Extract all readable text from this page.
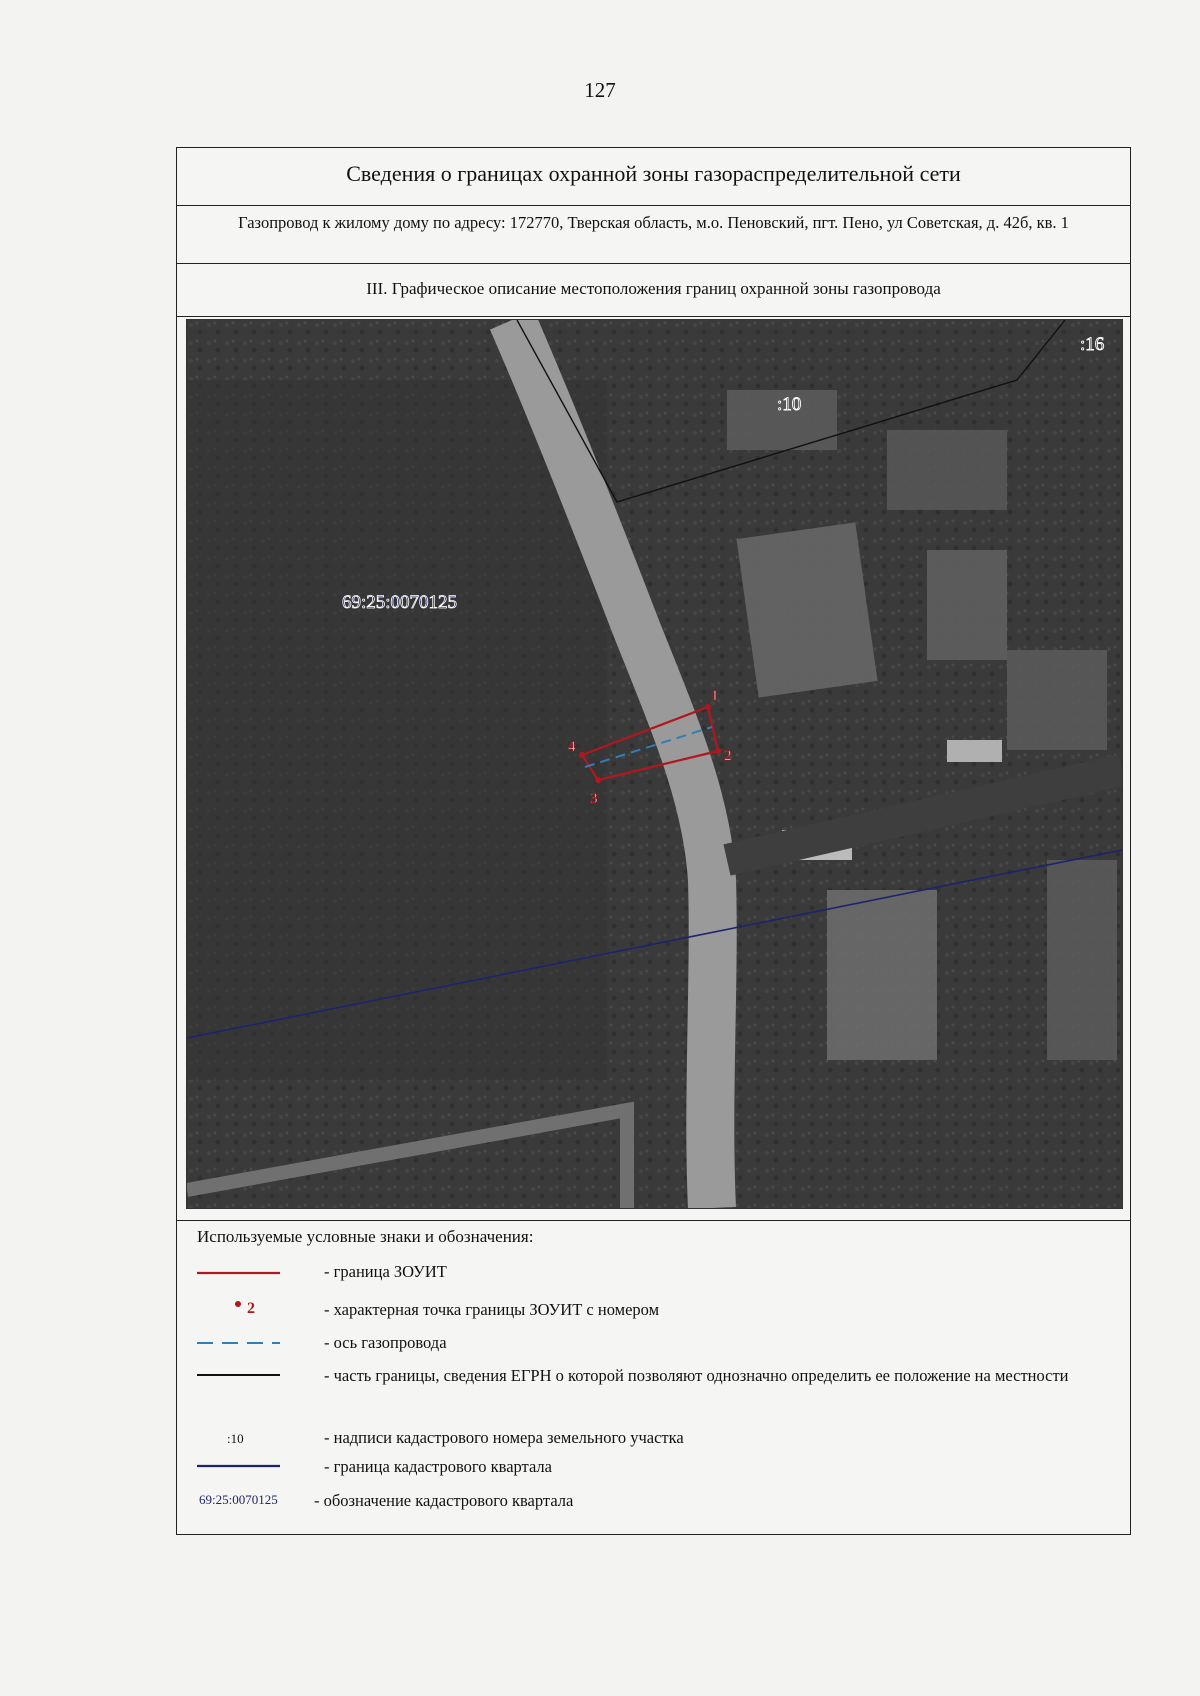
127
Сведения о границах охранной зоны газораспределительной сети
Газопровод к жилому дому по адресу: 172770, Тверская область, м.о. Пеновский, пгт. Пено, ул Советская, д. 42б, кв. 1
III. Графическое описание местоположения границ охранной зоны газопровода
1
2
3
4
:10
:16
69:25:0070125
Используемые условные знаки и обозначения:
- граница ЗОУИТ
2	- характерная точка границы ЗОУИТ с номером
- ось газопровода
- часть границы, сведения ЕГРН о которой позволяют однозначно определить ее положение на местности
:10	- надписи кадастрового номера земельного участка
- граница кадастрового квартала
69:25:0070125 - обозначение кадастрового квартала
